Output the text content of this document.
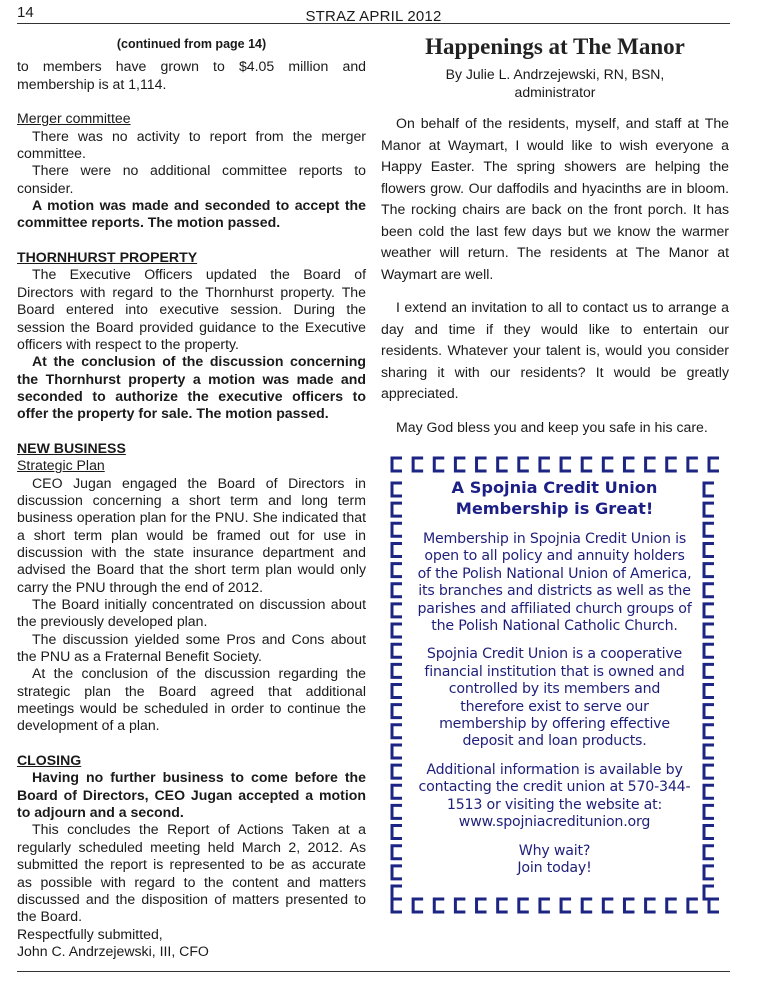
14	STRAZ APRIL 2012

(continued from page 14)

to members have grown to $4.05 million and membership is at 1,114.

Merger committee

There was no activity to report from the merger committee.

There were no additional committee reports to consider.

A motion was made and seconded to accept the committee reports. The motion passed.

THORNHURST PROPERTY

The Executive Officers updated the Board of Directors with regard to the Thornhurst property. The Board entered into executive session. During the session the Board provided guidance to the Executive officers with respect to the property.

At the conclusion of the discussion concerning the Thornhurst property a motion was made and seconded to authorize the executive officers to offer the property for sale. The motion passed.

NEW BUSINESS

Strategic Plan

CEO Jugan engaged the Board of Directors in discussion concerning a short term and long term business operation plan for the PNU. She indicated that a short term plan would be framed out for use in discussion with the state insurance department and advised the Board that the short term plan would only carry the PNU through the end of 2012.

The Board initially concentrated on discussion about the previously developed plan.

The discussion yielded some Pros and Cons about the PNU as a Fraternal Benefit Society.

At the conclusion of the discussion regarding the strategic plan the Board agreed that additional meetings would be scheduled in order to continue the development of a plan.

CLOSING

Having no further business to come before the Board of Directors, CEO Jugan accepted a motion to adjourn and a second.

This concludes the Report of Actions Taken at a regularly scheduled meeting held March 2, 2012. As submitted the report is represented to be as accurate as possible with regard to the content and matters discussed and the disposition of matters presented to the Board.

Respectfully submitted,

John C. Andrzejewski, III, CFO

Happenings at The Manor
By Julie L. Andrzejewski, RN, BSN,
administrator

On behalf of the residents, myself, and staff at The Manor at Waymart, I would like to wish everyone a Happy Easter. The spring showers are helping the flowers grow. Our daffodils and hyacinths are in bloom. The rocking chairs are back on the front porch. It has been cold the last few days but we know the warmer weather will return. The residents at The Manor at Waymart are well.

I extend an invitation to all to contact us to arrange a day and time if they would like to entertain our residents. Whatever your talent is, would you consider sharing it with our residents? It would be greatly appreciated.

May God bless you and keep you safe in his care.

A Spojnia Credit Union
Membership is Great!
Membership in Spojnia Credit Union is open to all policy and annuity holders of the Polish National Union of America, its branches and districts as well as the parishes and affiliated church groups of the Polish National Catholic Church.
Spojnia Credit Union is a cooperative financial institution that is owned and controlled by its members and therefore exist to serve our membership by offering effective deposit and loan products.
Additional information is available by contacting the credit union at 570-344-1513 or visiting the website at: www.spojniacreditunion.org
Why wait?
Join today!
